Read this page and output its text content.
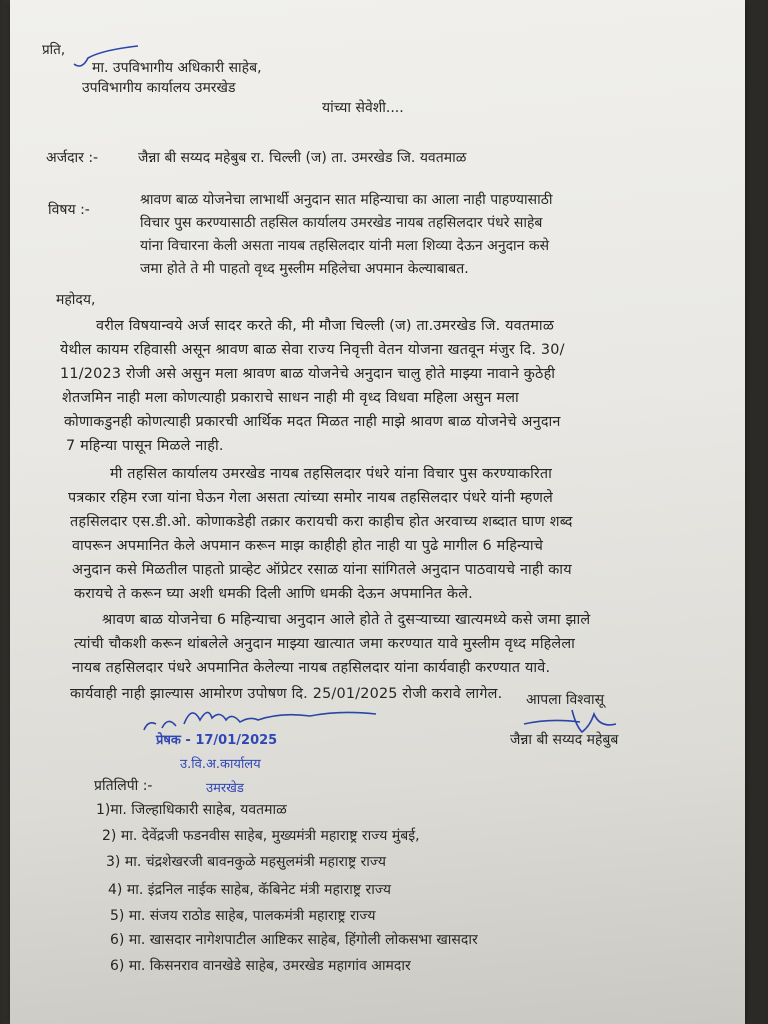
प्रति,
मा. उपविभागीय अधिकारी साहेब,
उपविभागीय कार्यालय उमरखेड
यांच्या सेवेशी....
अर्जदार :-	जैन्ना बी सय्यद महेबुब रा. चिल्ली (ज) ता. उमरखेड जि. यवतमाळ
विषय :-
श्रावण बाळ योजनेचा लाभार्थी अनुदान सात महिन्याचा का आला नाही पाहण्यासाठी
विचार पुस करण्यासाठी तहसिल कार्यालय उमरखेड नायब तहसिलदार पंधरे साहेब
यांना विचारना केली असता नायब तहसिलदार यांनी मला शिव्या देऊन अनुदान कसे
जमा होते ते मी पाहतो वृध्द मुस्लीम महिलेचा अपमान केल्याबाबत.
महोदय,
वरील विषयान्वये अर्ज सादर करते की, मी मौजा चिल्ली (ज) ता.उमरखेड जि. यवतमाळ
येथील कायम रहिवासी असून श्रावण बाळ सेवा राज्य निवृत्ती वेतन योजना खतवून मंजुर दि. 30/
11/2023 रोजी असे असुन मला श्रावण बाळ योजनेचे अनुदान चालु होते माझ्या नावाने कुठेही
शेतजमिन नाही मला कोणत्याही प्रकाराचे साधन नाही मी वृध्द विधवा महिला असुन मला
कोणाकडुनही कोणत्याही प्रकारची आर्थिक मदत मिळत नाही माझे श्रावण बाळ योजनेचे अनुदान
7 महिन्या पासून मिळले नाही.
मी तहसिल कार्यालय उमरखेड नायब तहसिलदार पंधरे यांना विचार पुस करण्याकरिता
पत्रकार रहिम रजा यांना घेऊन गेला असता त्यांच्या समोर नायब तहसिलदार पंधरे यांनी म्हणले
तहसिलदार एस.डी.ओ. कोणाकडेही तक्रार करायची करा काहीच होत अरवाच्य शब्दात घाण शब्द
वापरून अपमानित केले अपमान करून माझ काहीही होत नाही या पुढे मागील 6 महिन्याचे
अनुदान कसे मिळतील पाहतो प्राव्हेट ऑप्रेटर रसाळ यांना सांगितले अनुदान पाठवायचे नाही काय
करायचे ते करून घ्या अशी धमकी दिली आणि धमकी देऊन अपमानित केले.
श्रावण बाळ योजनेचा 6 महिन्याचा अनुदान आले होते ते दुसऱ्याच्या खात्यमध्ये कसे जमा झाले
त्यांची चौकशी करून थांबलेले अनुदान माझ्या खात्यात जमा करण्यात यावे मुस्लीम वृध्द महिलेला
नायब तहसिलदार पंधरे अपमानित केलेल्या नायब तहसिलदार यांना कार्यवाही करण्यात यावे.
कार्यवाही नाही झाल्यास आमोरण उपोषण दि. 25/01/2025 रोजी करावे लागेल. आपला विश्वासू
जैन्ना बी सय्यद महेबुब
प्रेषक - 17/01/2025
उ.वि.अ.कार्यालय
उमरखेड
प्रतिलिपी :-
1)मा. जिल्हाधिकारी साहेब, यवतमाळ
2) मा. देवेंद्रजी फडनवीस साहेब, मुख्यमंत्री महाराष्ट्र राज्य मुंबई,
3) मा. चंद्रशेखरजी बावनकुळे महसुलमंत्री महाराष्ट्र राज्य
4) मा. इंद्रनिल नाईक साहेब, कॅबिनेट मंत्री महाराष्ट्र राज्य
5) मा. संजय राठोड साहेब, पालकमंत्री महाराष्ट्र राज्य
6) मा. खासदार नागेशपाटील आष्टिकर साहेब, हिंगोली लोकसभा खासदार
6) मा. किसनराव वानखेडे साहेब, उमरखेड महागांव आमदार
